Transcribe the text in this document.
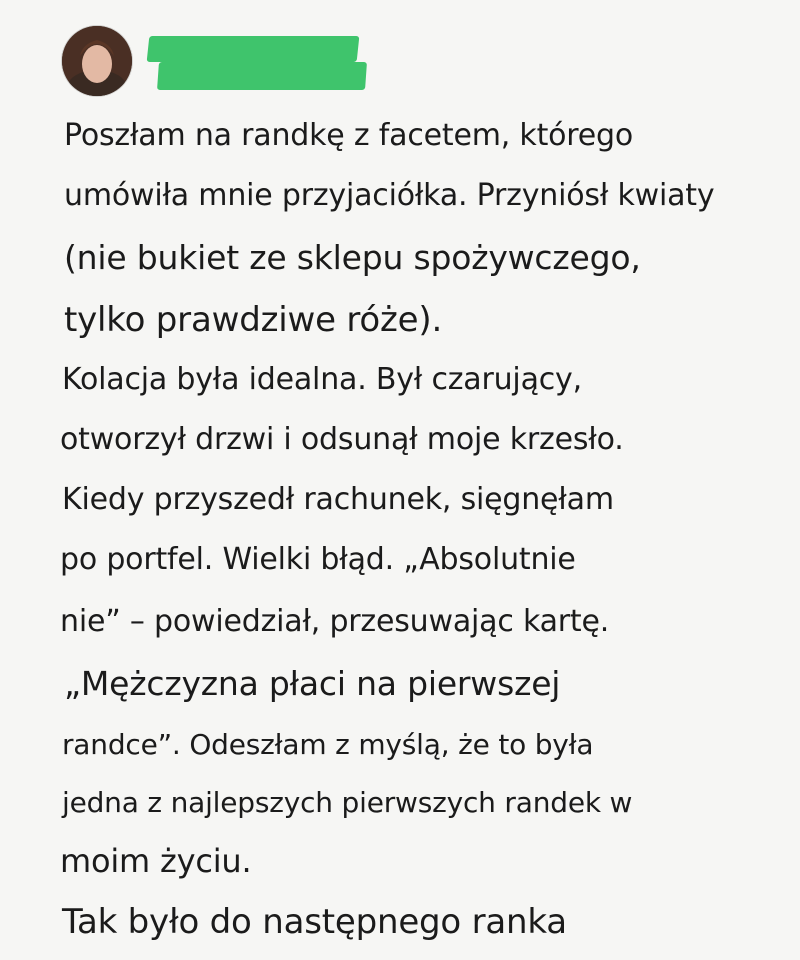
Poszłam na randkę z facetem, którego
umówiła mnie przyjaciółka. Przyniósł kwiaty
(nie bukiet ze sklepu spożywczego,
tylko prawdziwe róże).
Kolacja była idealna. Był czarujący,
otworzył drzwi i odsunął moje krzesło.
Kiedy przyszedł rachunek, sięgnęłam
po portfel. Wielki błąd. „Absolutnie
nie” – powiedział, przesuwając kartę.
„Mężczyzna płaci na pierwszej
randce”. Odeszłam z myślą, że to była
jedna z najlepszych pierwszych randek w
moim życiu.
Tak było do następnego ranka
